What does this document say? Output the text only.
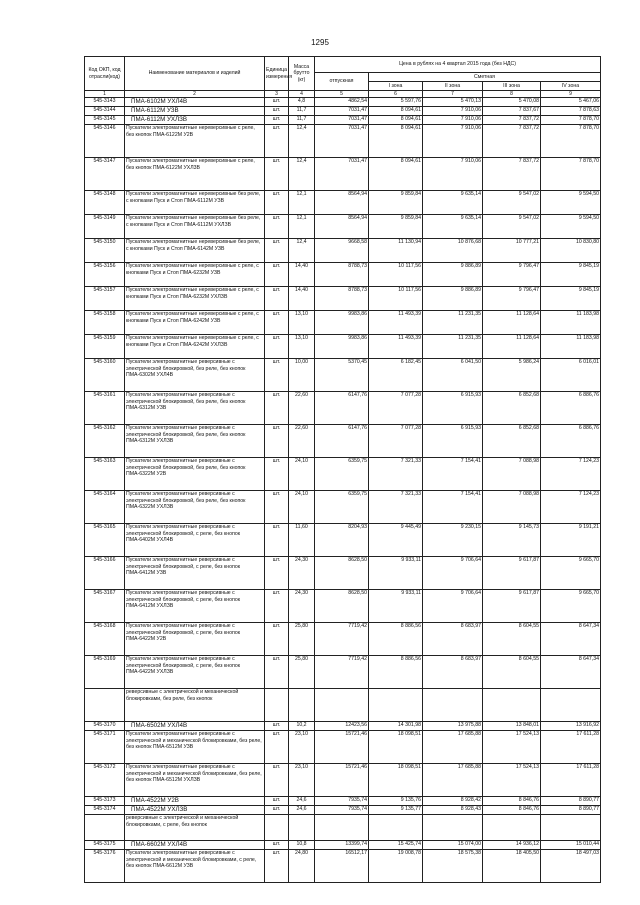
1295
Код ОКП, код отрасли(код)	Наименование материалов и изделий	Единица измерения	Масса брутто (кг)	Цена в рублях на 4 квартал 2015 года (без НДС)				
				отпускная	Сметная			
					I зона	II зона	III зона	IV зона
1	2	3	4	5	6	7	8	9
545-3143	ПМА-6102М УХЛ4В	шт.	4,8	4862,54	5 597,76	5 470,13	5 470,08	5 467,06
545-3144	ПМА-6112М УЗВ	шт.	11,7	7031,47	8 094,61	7 910,06	7 837,67	7 878,63
545-3145	ПМА-6112М УХЛЗВ	шт.	11,7	7031,47	8 094,61	7 910,06	7 837,72	7 878,70
545-3146	Пускатели электромагнитные нереверсивные с реле, без кнопок ПМА-6122М У2В	шт.	12,4	7031,47	8 094,61	7 910,06	7 837,72	7 878,70
545-3147	Пускатели электромагнитные нереверсивные с реле, без кнопок ПМА-6122М УХЛ3В	шт.	12,4	7031,47	8 094,61	7 910,06	7 837,72	7 878,70
545-3148	Пускатели электромагнитные нереверсивные без реле, с кнопками Пуск и Стоп ПМА-6112М УЗВ	шт.	12,1	8564,94	9 859,84	9 635,14	9 547,02	9 594,50
545-3149	Пускатели электромагнитные нереверсивные без реле, с кнопками Пуск и Стоп ПМА-6112М УХЛЗВ	шт.	12,1	8564,94	9 859,84	9 635,14	9 547,02	9 594,50
545-3150	Пускатели электромагнитные нереверсивные без реле, с кнопками Пуск и Стоп ПМА-6142М УЗВ	шт.	12,4	9668,58	11 130,94	10 876,68	10 777,21	10 830,80
545-3156	Пускатели электромагнитные нереверсивные с реле, с кнопками Пуск и Стоп ПМА-6232М УЗВ	шт.	14,40	8788,73	10 117,56	9 886,89	9 796,47	9 845,19
545-3157	Пускатели электромагнитные нереверсивные с реле, с кнопками Пуск и Стоп ПМА-6232М УХЛЗВ	шт.	14,40	8788,73	10 117,56	9 886,89	9 796,47	9 845,19
545-3158	Пускатели электромагнитные нереверсивные с реле, с кнопками Пуск и Стоп ПМА-6242М УЗВ	шт.	13,10	9983,86	11 493,39	11 231,35	11 128,64	11 183,98
545-3159	Пускатели электромагнитные нереверсивные с реле, с кнопками Пуск и Стоп ПМА-6242М УХЛЗВ	шт.	13,10	9983,86	11 493,39	11 231,35	11 128,64	11 183,98
545-3160	Пускатели электромагнитные реверсивные с электрической блокировкой, без реле, без кнопок ПМА-6302М УХЛ4В	шт.	10,00	5370,45	6 182,45	6 041,50	5 986,24	6 016,01
545-3161	Пускатели электромагнитные реверсивные с электрической блокировкой, без реле, без кнопок ПМА-6312М УЗВ	шт.	22,60	6147,76	7 077,28	6 915,93	6 852,68	6 886,76
545-3162	Пускатели электромагнитные реверсивные с электрической блокировкой, без реле, без кнопок ПМА-6312М УХЛЗВ	шт.	22,60	6147,76	7 077,28	6 915,93	6 852,68	6 886,76
545-3163	Пускатели электромагнитные реверсивные с электрической блокировкой, без реле, без кнопок ПМА-6322М У2В	шт.	24,10	6359,75	7 321,33	7 154,41	7 088,98	7 124,23
545-3164	Пускатели электромагнитные реверсивные с электрической блокировкой, без реле, без кнопок ПМА-6322М УХЛЗВ	шт.	24,10	6359,75	7 321,33	7 154,41	7 088,98	7 124,23
545-3165	Пускатели электромагнитные реверсивные с электрической блокировкой, с реле, без кнопок ПМА-6402М УХЛ4В	шт.	11,60	8204,93	9 445,49	9 230,15	9 145,73	9 191,21
545-3166	Пускатели электромагнитные реверсивные с электрической блокировкой, с реле, без кнопок ПМА-6412М УЗВ	шт.	24,30	8628,50	9 933,11	9 706,64	9 617,87	9 665,70
545-3167	Пускатели электромагнитные реверсивные с электрической блокировкой, с реле, без кнопок ПМА-6412М УХЛЗВ	шт.	24,30	8628,50	9 933,11	9 706,64	9 617,87	9 665,70
545-3168	Пускатели электромагнитные реверсивные с электрической блокировкой, с реле, без кнопок ПМА-6422М У2В	шт.	25,80	7719,42	8 886,56	8 683,97	8 604,55	8 647,34
545-3169	Пускатели электромагнитные реверсивные с электрической блокировкой, с реле, без кнопок ПМА-6422М УХЛЗВ	шт.	25,80	7719,42	8 886,56	8 683,97	8 604,55	8 647,34
	реверсивные с электрической и механической блокировками, без реле, без кнопок							
545-3170	ПМА-6502М УХЛ4В	шт.	10,2	12423,56	14 301,98	13 975,88	13 848,01	13 916,92
545-3171	Пускатели электромагнитные реверсивные с электрической и механической блокировками, без реле, без кнопок ПМА-6512М УЗВ	шт.	23,10	15721,46	18 098,51	17 685,88	17 524,13	17 611,28
545-3172	Пускатели электромагнитные реверсивные с электрической и механической блокировками, без реле, без кнопок ПМА-6512М УХЛЗВ	шт.	23,10	15721,46	18 098,51	17 685,88	17 524,13	17 611,28
545-3173	ПМА-4522М У2В	шт.	24,6	7935,74	9 135,76	8 928,42	8 846,76	8 890,77
545-3174	ПМА-4522М УХЛЗВ	шт.	24,6	7935,74	9 135,77	8 928,43	8 846,76	8 890,77
	реверсивные с электрической и механической блокировками, с реле, без кнопок							
545-3175	ПМА-6602М УХЛ4В	шт.	10,8	13399,74	15 425,74	15 074,00	14 936,12	15 010,44
545-3176	Пускатели электромагнитные реверсивные с электрической и механической блокировками, с реле, без кнопок ПМА-6612М УЗВ	шт.	24,80	16512,17	19 008,78	18 575,38	18 405,50	18 497,03
